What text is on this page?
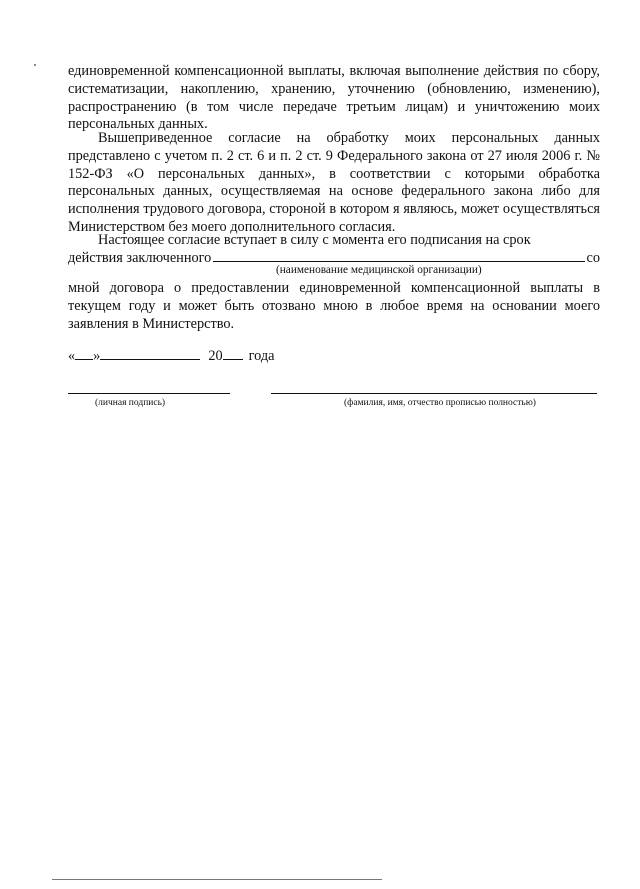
единовременной компенсационной выплаты, включая выполнение действия по сбору, систематизации, накоплению, хранению, уточнению (обновлению, изменению), распространению (в том числе передаче третьим лицам) и уничтожению моих персональных данных.
Вышеприведенное согласие на обработку моих персональных данных представлено с учетом п. 2 ст. 6 и п. 2 ст. 9 Федерального закона от 27 июля 2006 г. № 152-ФЗ «О персональных данных», в соответствии с которыми обработка персональных данных, осуществляемая на основе федерального закона либо для исполнения трудового договора, стороной в котором я являюсь, может осуществляться Министерством без моего дополнительного согласия.
Настоящее согласие вступает в силу с момента его подписания на срок
действия заключенного	со
(наименование медицинской организации)
мной договора о предоставлении единовременной компенсационной выплаты в текущем году и может быть отозвано мною в любое время на основании моего заявления в Министерство.
« »	20 года
(личная подпись)	(фамилия, имя, отчество прописью полностью)
